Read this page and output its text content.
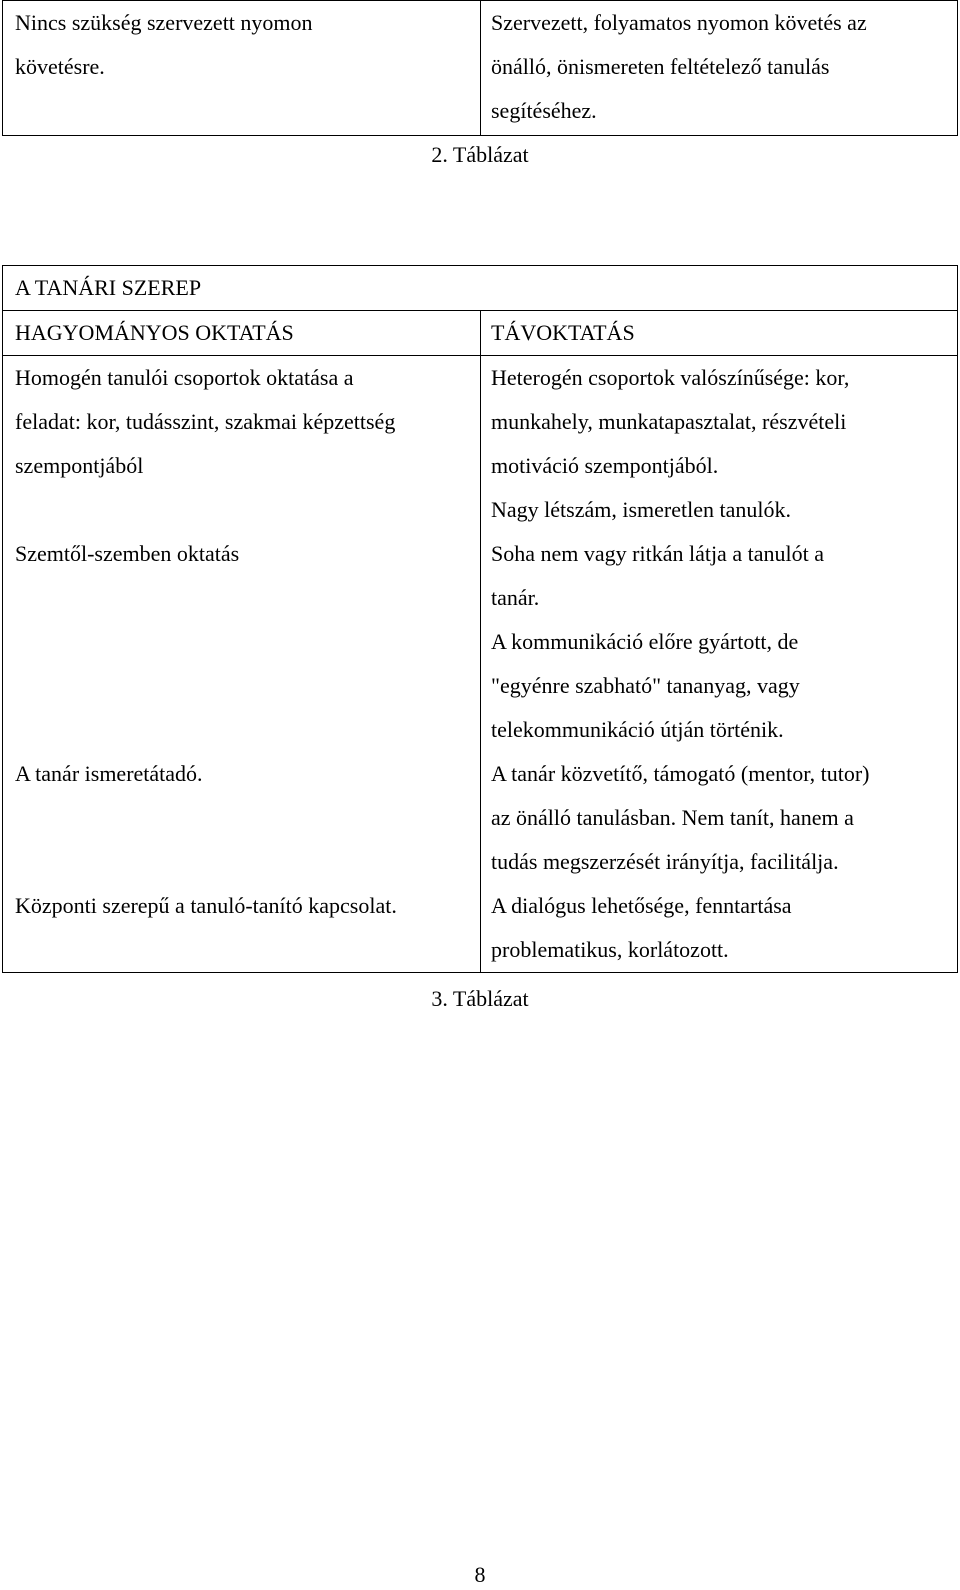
Nincs szükség szervezett nyomon
követésre.
Szervezett, folyamatos nyomon követés az
önálló, önismereten feltételező tanulás
segítéséhez.
2. Táblázat
A TANÁRI SZEREP
HAGYOMÁNYOS OKTATÁS	TÁVOKTATÁS
Homogén tanulói csoportok oktatása a
feladat: kor, tudásszint, szakmai képzettség
szempontjából

Szemtől-szemben oktatás

A tanár ismeretátadó.

Központi szerepű a tanuló-tanító kapcsolat.

Heterogén csoportok valószínűsége: kor,
munkahely, munkatapasztalat, részvételi
motiváció szempontjából.
Nagy létszám, ismeretlen tanulók.
Soha nem vagy ritkán látja a tanulót a
tanár.
A kommunikáció előre gyártott, de
"egyénre szabható" tananyag, vagy
telekommunikáció útján történik.
A tanár közvetítő, támogató (mentor, tutor)
az önálló tanulásban. Nem tanít, hanem a
tudás megszerzését irányítja, facilitálja.
A dialógus lehetősége, fenntartása
problematikus, korlátozott.
3. Táblázat
8
